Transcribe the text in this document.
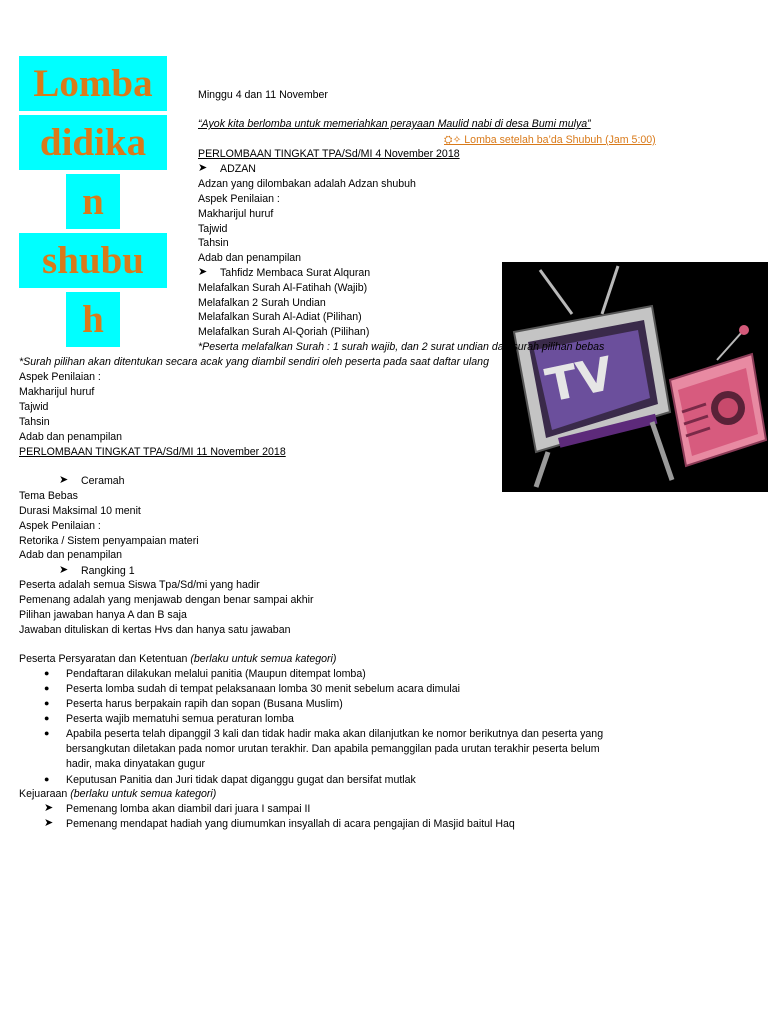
Lomba
didika
n
shubu
h
Minggu 4 dan 11 November
“Ayok kita berlomba untuk memeriahkan perayaan Maulid nabi di desa Bumi mulya”
⛭✧ Lomba setelah ba’da Shubuh (Jam 5:00)
PERLOMBAAN TINGKAT TPA/Sd/MI 4 November 2018
➤ ADZAN
Adzan yang dilombakan adalah Adzan shubuh
Aspek Penilaian :
Makharijul huruf
Tajwid
Tahsin
Adab dan penampilan
➤ Tahfidz Membaca Surat Alquran
Melafalkan Surah Al-Fatihah (Wajib)
Melafalkan 2 Surah Undian
Melafalkan Surah Al-Adiat (Pilihan)
Melafalkan Surah Al-Qoriah (Pilihan)
TV
*Peserta melafalkan Surah : 1 surah wajib, dan 2 surat undian dan surah pilihan bebas
*Surah pilihan akan ditentukan secara acak yang diambil sendiri oleh peserta pada saat daftar ulang
Aspek Penilaian :
Makharijul huruf
Tajwid
Tahsin
Adab dan penampilan
PERLOMBAAN TINGKAT TPA/Sd/MI 11 November 2018
➤ Ceramah
Tema Bebas
Durasi Maksimal 10 menit
Aspek Penilaian :
Retorika / Sistem penyampaian materi
Adab dan penampilan
➤ Rangking 1
Peserta adalah semua Siswa Tpa/Sd/mi yang hadir
Pemenang adalah yang menjawab dengan benar sampai akhir
Pilihan jawaban hanya A dan B saja
Jawaban dituliskan di kertas Hvs dan hanya satu jawaban
Peserta Persyaratan dan Ketentuan (berlaku untuk semua kategori)
● Pendaftaran dilakukan melalui panitia (Maupun ditempat lomba)
● Peserta lomba sudah di tempat pelaksanaan lomba 30 menit sebelum acara dimulai
● Peserta harus berpakain rapih dan sopan (Busana Muslim)
● Peserta wajib mematuhi semua peraturan lomba
● Apabila peserta telah dipanggil 3 kali dan tidak hadir maka akan dilanjutkan ke nomor berikutnya dan peserta yang
bersangkutan diletakan pada nomor urutan terakhir. Dan apabila pemanggilan pada urutan terakhir peserta belum
hadir, maka dinyatakan gugur
● Keputusan Panitia dan Juri tidak dapat diganggu gugat dan bersifat mutlak
Kejuaraan (berlaku untuk semua kategori)
➤ Pemenang lomba akan diambil dari juara I sampai II
➤ Pemenang mendapat hadiah yang diumumkan insyallah di acara pengajian di Masjid baitul Haq
